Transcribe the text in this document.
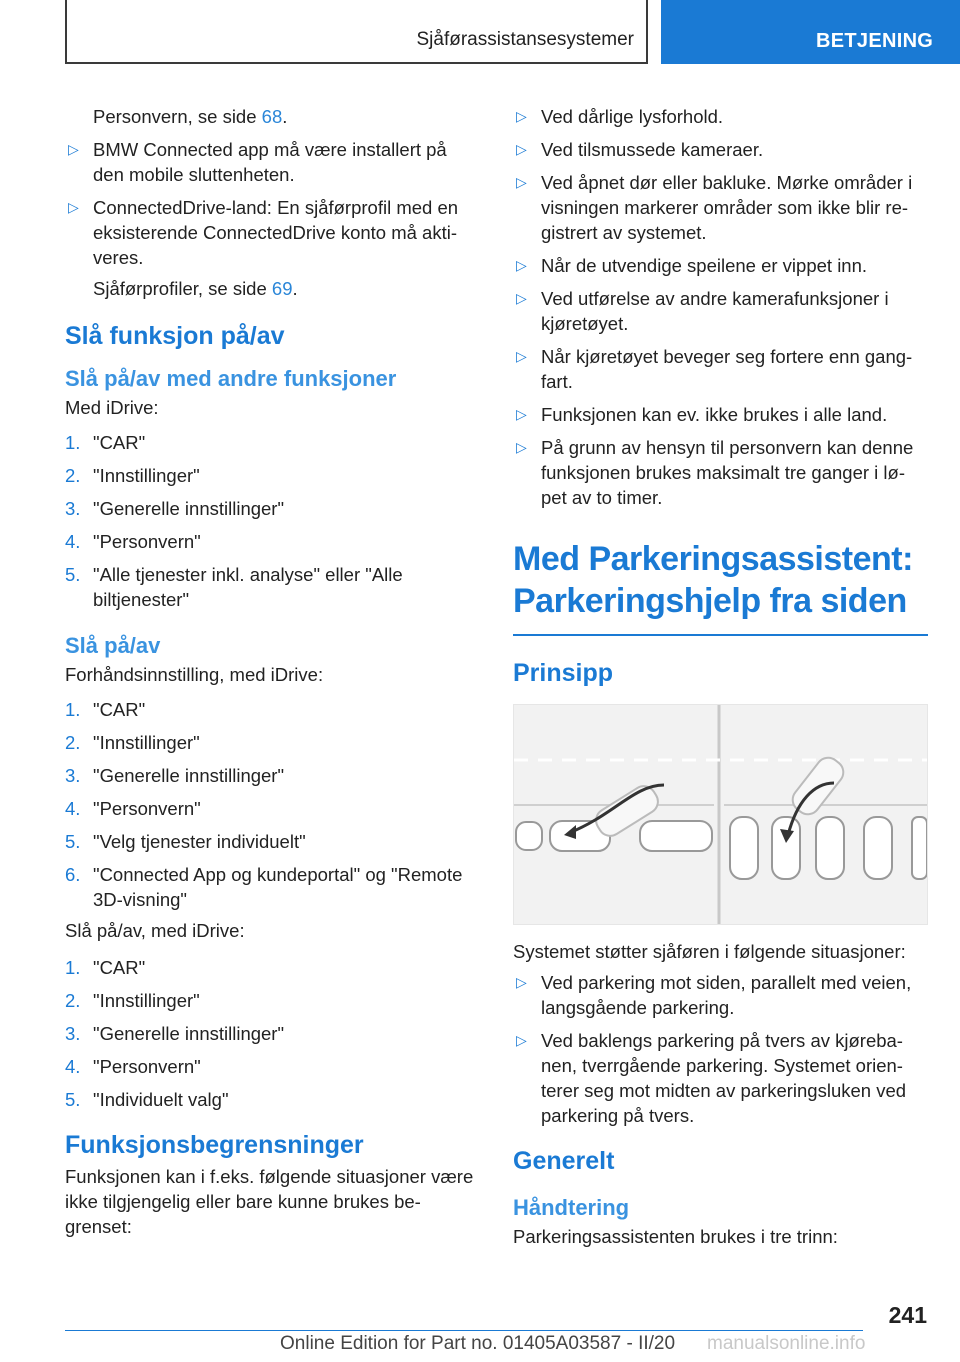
Sjåførassistansesystemer	BETJENING

Personvern, se side 68.

▷ BMW Connected app må være installert på den mobile sluttenheten.
▷ ConnectedDrive-land: En sjåførprofil med en eksisterende ConnectedDrive konto må akti-veres.

Sjåførprofiler, se side 69.

Slå funksjon på/av
Slå på/av med andre funksjoner

Med iDrive:

1. "CAR"
2. "Innstillinger"
3. "Generelle innstillinger"
4. "Personvern"
5. "Alle tjenester inkl. analyse" eller "Alle biltjenester"
Slå på/av

Forhåndsinnstilling, med iDrive:

1. "CAR"
2. "Innstillinger"
3. "Generelle innstillinger"
4. "Personvern"
5. "Velg tjenester individuelt"
6. "Connected App og kundeportal" og "Remote 3D-visning"

Slå på/av, med iDrive:

1. "CAR"
2. "Innstillinger"
3. "Generelle innstillinger"
4. "Personvern"
5. "Individuelt valg"
Funksjonsbegrensninger

Funksjonen kan i f.eks. følgende situasjoner være ikke tilgjengelig eller bare kunne brukes be-grenset:

▷ Ved dårlige lysforhold.
▷ Ved tilsmussede kameraer.
▷ Ved åpnet dør eller bakluke. Mørke områder i visningen markerer områder som ikke blir re-gistrert av systemet.
▷ Når de utvendige speilene er vippet inn.
▷ Ved utførelse av andre kamerafunksjoner i kjøretøyet.
▷ Når kjøretøyet beveger seg fortere enn gang-fart.
▷ Funksjonen kan ev. ikke brukes i alle land.
▷ På grunn av hensyn til personvern kan denne funksjonen brukes maksimalt tre ganger i lø-pet av to timer.
Med Parkeringsassistent: Parkeringshjelp fra siden
Prinsipp

Systemet støtter sjåføren i følgende situasjoner:

▷ Ved parkering mot siden, parallelt med veien, langsgående parkering.
▷ Ved baklengs parkering på tvers av kjøreba-nen, tverrgående parkering. Systemet orien-terer seg mot midten av parkeringsluken ved parkering på tvers.
Generelt
Håndtering

Parkeringsassistenten brukes i tre trinn:

241
Online Edition for Part no. 01405A03587 - II/20 manualsonline.info
